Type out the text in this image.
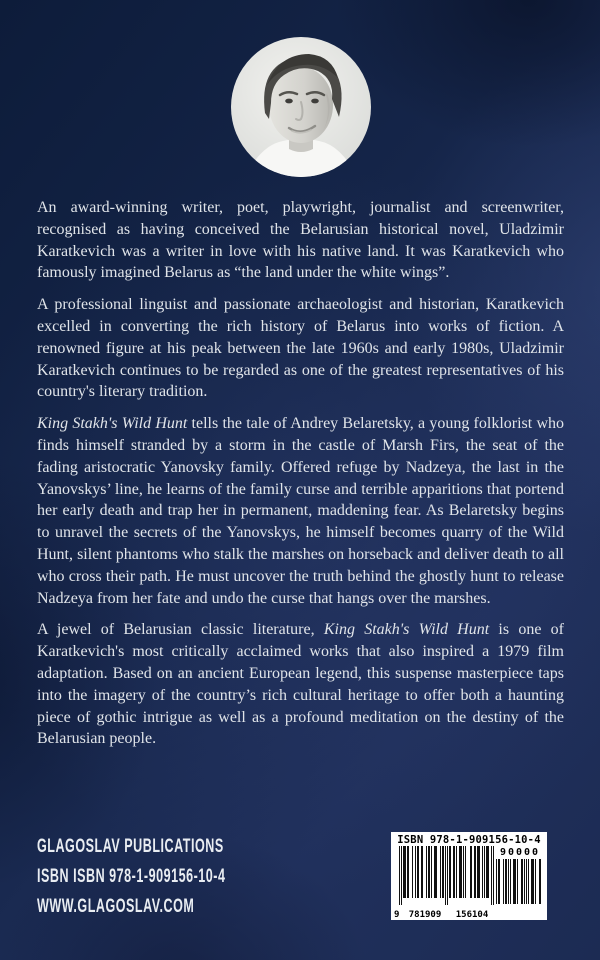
An award-winning writer, poet, playwright, journalist and screenwriter, recognised as having conceived the Belarusian historical novel, Uladzimir Karatkevich was a writer in love with his native land. It was Karatkevich who famously imagined Belarus as “the land under the white wings”.

A professional linguist and passionate archaeologist and historian, Karatkevich excelled in converting the rich history of Belarus into works of fiction. A renowned figure at his peak between the late 1960s and early 1980s, Uladzimir Karatkevich continues to be regarded as one of the greatest representatives of his country's literary tradition.

King Stakh's Wild Hunt tells the tale of Andrey Belaretsky, a young folklorist who finds himself stranded by a storm in the castle of Marsh Firs, the seat of the fading aristocratic Yanovsky family. Offered refuge by Nadzeya, the last in the Yanovskys’ line, he learns of the family curse and terrible apparitions that portend her early death and trap her in permanent, maddening fear. As Belaretsky begins to unravel the secrets of the Yanovskys, he himself becomes quarry of the Wild Hunt, silent phantoms who stalk the marshes on horseback and deliver death to all who cross their path. He must uncover the truth behind the ghostly hunt to release Nadzeya from her fate and undo the curse that hangs over the marshes.

A jewel of Belarusian classic literature, King Stakh's Wild Hunt is one of Karatkevich's most critically acclaimed works that also inspired a 1979 film adaptation. Based on an ancient European legend, this suspense masterpiece taps into the imagery of the country’s rich cultural heritage to offer both a haunting piece of gothic intrigue as well as a profound meditation on the destiny of the Belarusian people.

GLAGOSLAV PUBLICATIONS
ISBN ISBN 978-1-909156-10-4
WWW.GLAGOSLAV.COM
ISBN 978-1-909156-10-4
9 781909 156104
90000
